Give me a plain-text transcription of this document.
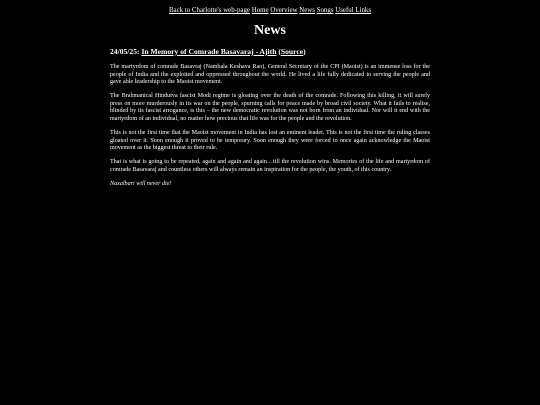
Back to Charlotte's web-page Home Overview News Songs Useful Links
News
24/05/25: In Memory of Comrade Basavaraj - Ajith (Source)

The martyrdom of comrade Basavraj (Nambala Keshava Rao), General Secretary of the CPI (Maoist) is an immense loss for the people of India and the exploited and oppressed throughout the world. He lived a life fully dedicated to serving the people and gave able leadership to the Maoist movement.

The Brahmanical Hindutva fascist Modi regime is gloating over the death of the comrade. Following this killing, it will surely press on more murderously in its war on the people, spurning calls for peace made by broad civil society. What it fails to realise, blinded by its fascist arrogance, is this – the new democratic revolution was not born from an individual. Nor will it end with the martyrdom of an individual, no matter how precious that life was for the people and the revolution.

This is not the first time that the Maoist movement in India has lost an eminent leader. This is not the first time the ruling classes gloated over it. Soon enough it proved to be temporary. Soon enough they were forced to once again acknowledge the Maoist movement as the biggest threat to their rule.

That is what is going to be repeated, again and again and again…till the revolution wins. Memories of the life and martyrdom of comrade Basavaraj and countless others will always remain an inspiration for the people, the youth, of this country.

Naxalbari will never die!
